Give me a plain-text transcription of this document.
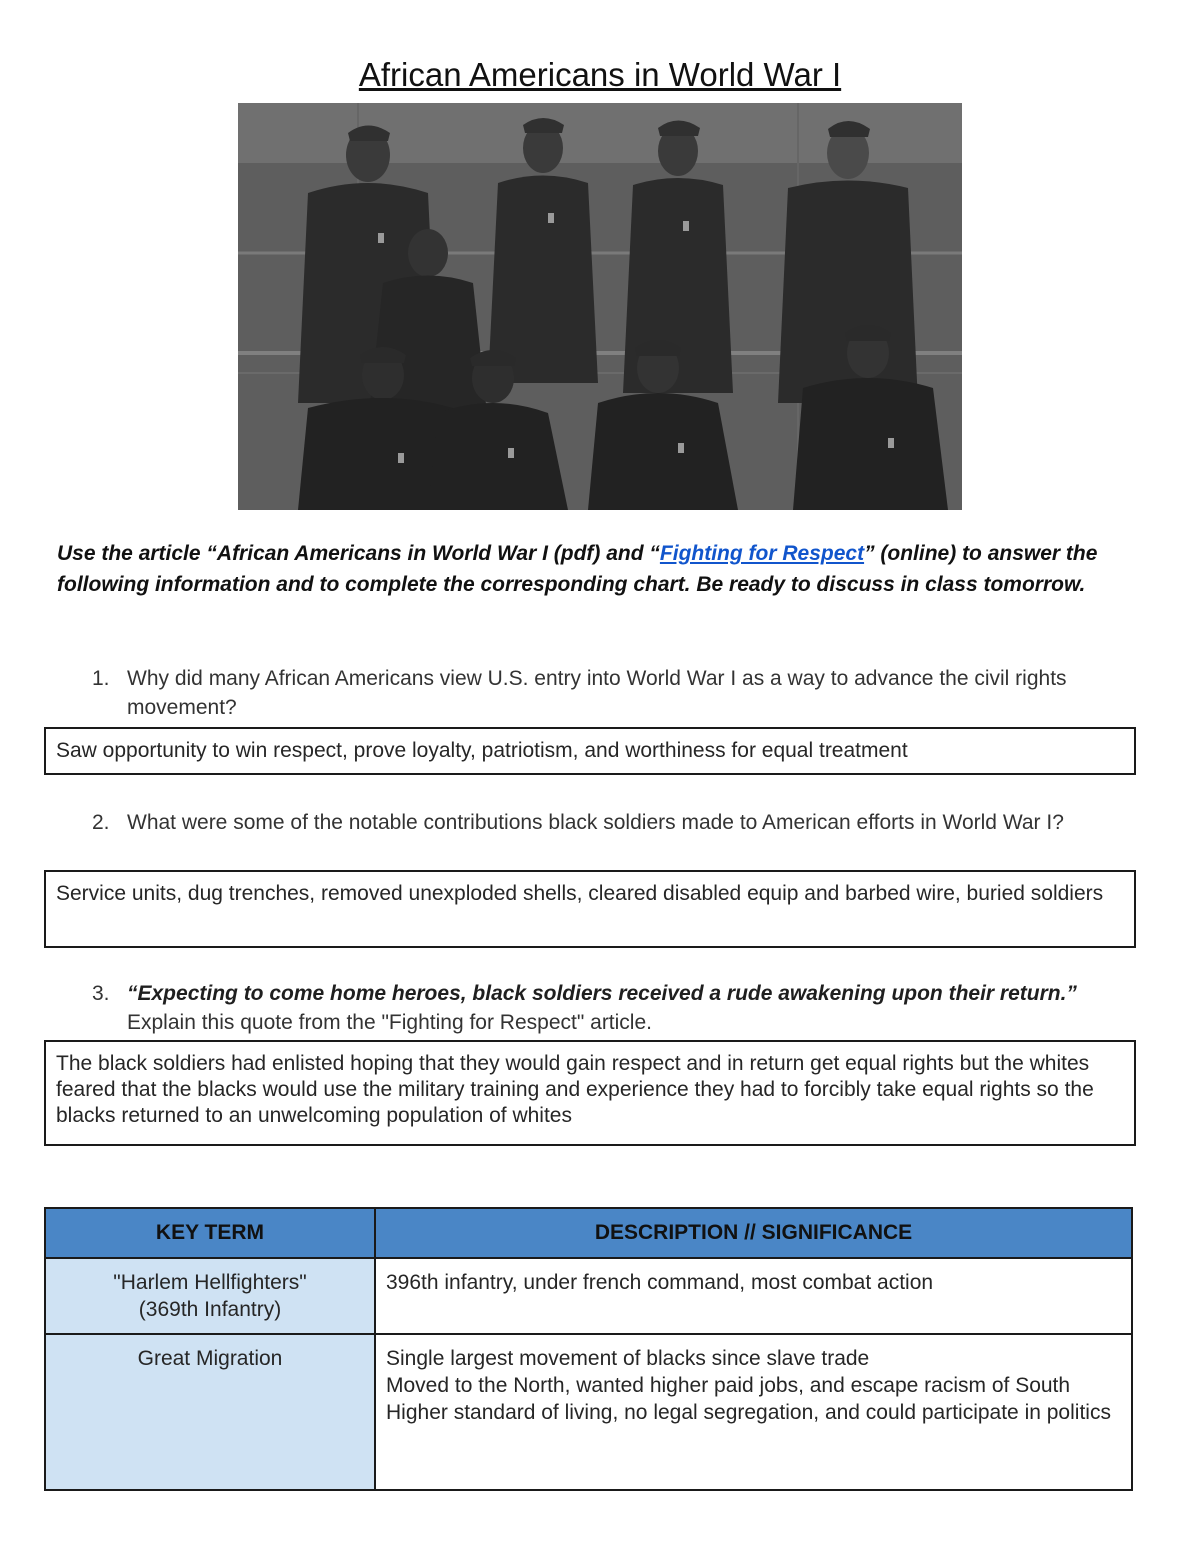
African Americans in World War I
Use the article “African Americans in World War I (pdf) and “Fighting for Respect” (online) to answer the following information and to complete the corresponding chart. Be ready to discuss in class tomorrow.
1. Why did many African Americans view U.S. entry into World War I as a way to advance the civil rights movement?
Saw opportunity to win respect, prove loyalty, patriotism, and worthiness for equal treatment
2. What were some of the notable contributions black soldiers made to American efforts in World War I?
Service units, dug trenches, removed unexploded shells, cleared disabled equip and barbed wire, buried soldiers
3. “Expecting to come home heroes, black soldiers received a rude awakening upon their return.” Explain this quote from the "Fighting for Respect" article.
The black soldiers had enlisted hoping that they would gain respect and in return get equal rights but the whites feared that the blacks would use the military training and experience they had to forcibly take equal rights so the blacks returned to an unwelcoming population of whites
KEY TERM	DESCRIPTION // SIGNIFICANCE

"Harlem Hellfighters"
(369th Infantry)	396th infantry, under french command, most combat action

Great Migration	Single largest movement of blacks since slave trade
Moved to the North, wanted higher paid jobs, and escape racism of South
Higher standard of living, no legal segregation, and could participate in politics
